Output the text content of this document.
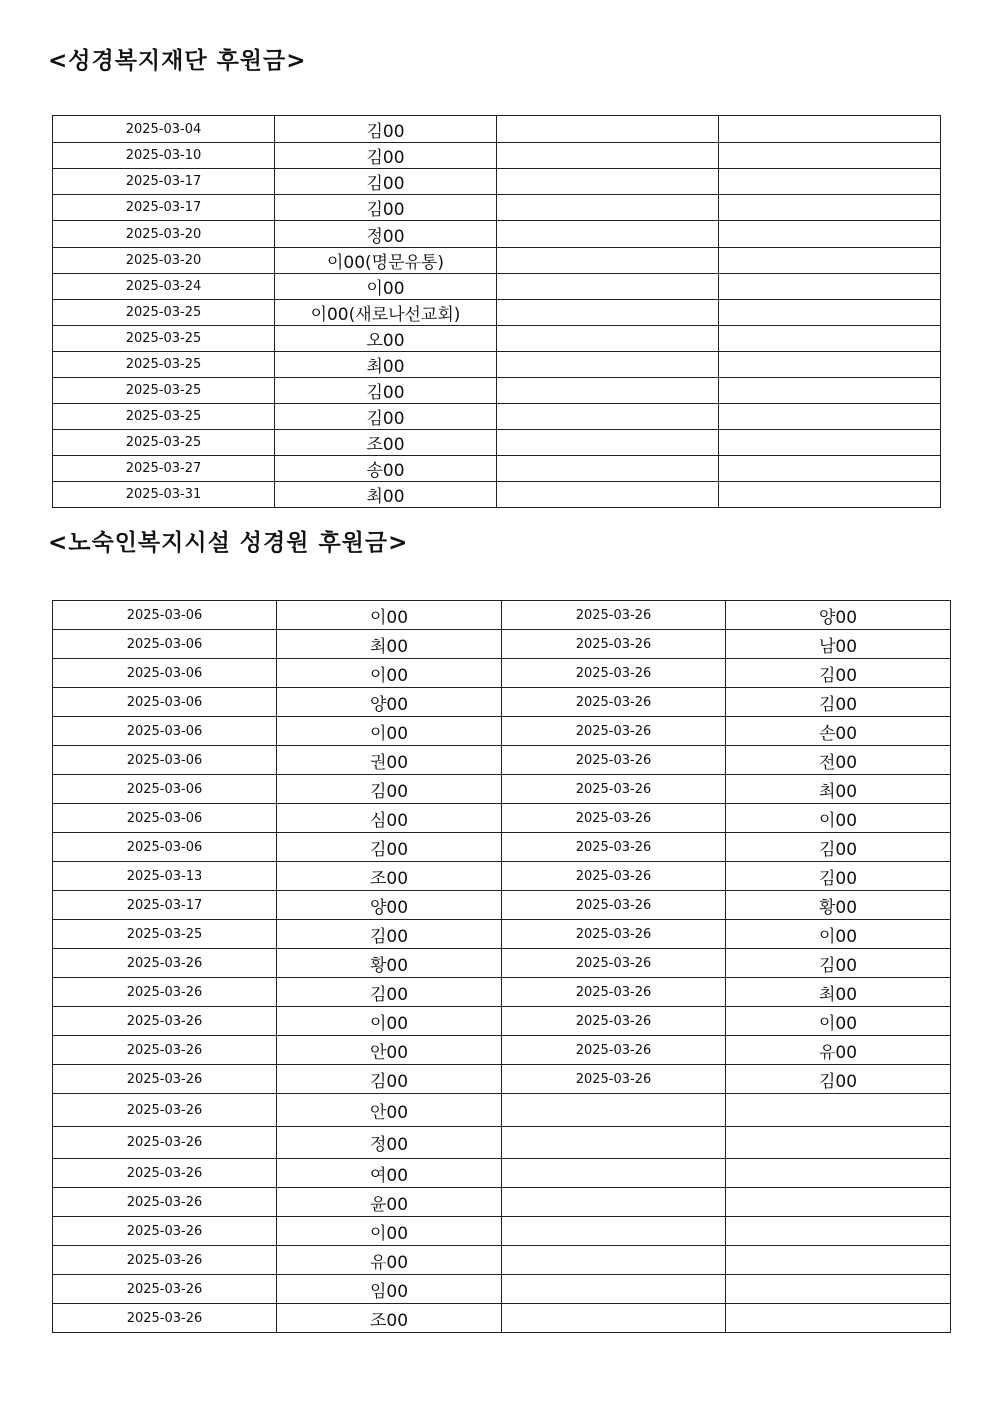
<성경복지재단 후원금>
2025-03-04	김00		
2025-03-10	김00		
2025-03-17	김00		
2025-03-17	김00		
2025-03-20	정00		
2025-03-20	이00(명문유통)		
2025-03-24	이00		
2025-03-25	이00(새로나선교회)		
2025-03-25	오00		
2025-03-25	최00		
2025-03-25	김00		
2025-03-25	김00		
2025-03-25	조00		
2025-03-27	송00		
2025-03-31	최00		
<노숙인복지시설 성경원 후원금>
2025-03-06	이00	2025-03-26	양00
2025-03-06	최00	2025-03-26	남00
2025-03-06	이00	2025-03-26	김00
2025-03-06	양00	2025-03-26	김00
2025-03-06	이00	2025-03-26	손00
2025-03-06	권00	2025-03-26	전00
2025-03-06	김00	2025-03-26	최00
2025-03-06	심00	2025-03-26	이00
2025-03-06	김00	2025-03-26	김00
2025-03-13	조00	2025-03-26	김00
2025-03-17	양00	2025-03-26	황00
2025-03-25	김00	2025-03-26	이00
2025-03-26	황00	2025-03-26	김00
2025-03-26	김00	2025-03-26	최00
2025-03-26	이00	2025-03-26	이00
2025-03-26	안00	2025-03-26	유00
2025-03-26	김00	2025-03-26	김00
2025-03-26	안00		
2025-03-26	정00		
2025-03-26	여00		
2025-03-26	윤00		
2025-03-26	이00		
2025-03-26	유00		
2025-03-26	임00		
2025-03-26	조00		
